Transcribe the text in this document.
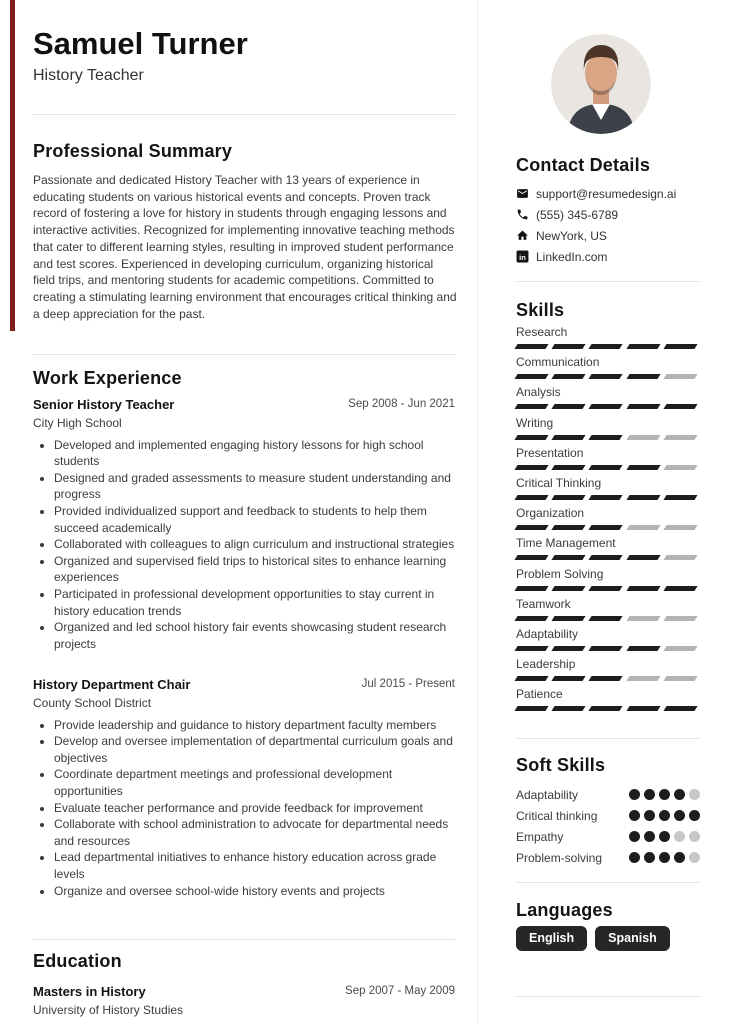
Samuel Turner
History Teacher
Professional Summary
Passionate and dedicated History Teacher with 13 years of experience in educating students on various historical events and concepts. Proven track record of fostering a love for history in students through engaging lessons and interactive activities. Recognized for implementing innovative teaching methods that cater to different learning styles, resulting in improved student performance and test scores. Experienced in developing curriculum, organizing historical field trips, and mentoring students for academic competitions. Committed to creating a stimulating learning environment that encourages critical thinking and a deep appreciation for the past.
Work Experience
Senior History Teacher	Sep 2008 - Jun 2021
City High School
• Developed and implemented engaging history lessons for high school students
• Designed and graded assessments to measure student understanding and progress
• Provided individualized support and feedback to students to help them succeed academically
• Collaborated with colleagues to align curriculum and instructional strategies
• Organized and supervised field trips to historical sites to enhance learning experiences
• Participated in professional development opportunities to stay current in history education trends
• Organized and led school history fair events showcasing student research projects
History Department Chair	Jul 2015 - Present
County School District
• Provide leadership and guidance to history department faculty members
• Develop and oversee implementation of departmental curriculum goals and objectives
• Coordinate department meetings and professional development opportunities
• Evaluate teacher performance and provide feedback for improvement
• Collaborate with school administration to advocate for departmental needs and resources
• Lead departmental initiatives to enhance history education across grade levels
• Organize and oversee school-wide history events and projects
Education
Masters in History	Sep 2007 - May 2009
University of History Studies
Contact Details
support@resumedesign.ai
(555) 345-6789
NewYork, US
in LinkedIn.com
Skills
Research
Communication
Analysis
Writing
Presentation
Critical Thinking
Organization
Time Management
Problem Solving
Teamwork
Adaptability
Leadership
Patience
Soft Skills
Adaptability
Critical thinking
Empathy
Problem-solving
Languages
English	Spanish
